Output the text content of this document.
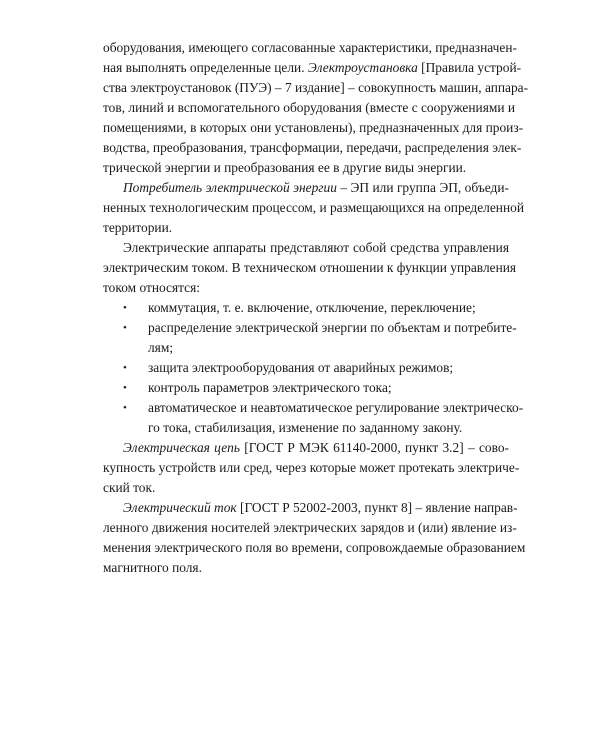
оборудования, имеющего согласованные характеристики, предназначен-
ная выполнять определенные цели. Электроустановка [Правила устрой-
ства электроустановок (ПУЭ) – 7 издание] – совокупность машин, аппара-
тов, линий и вспомогательного оборудования (вместе с сооружениями и
помещениями, в которых они установлены), предназначенных для произ-
водства, преобразования, трансформации, передачи, распределения элек-
трической энергии и преобразования ее в другие виды энергии.
Потребитель электрической энергии – ЭП или группа ЭП, объеди-
ненных технологическим процессом, и размещающихся на определенной
территории.
Электрические аппараты представляют собой средства управления
электрическим током. В техническом отношении к функции управления
током относятся:
•	коммутация, т. е. включение, отключение, переключение;
•	распределение электрической энергии по объектам и потребите-
лям;
•	защита электрооборудования от аварийных режимов;
•	контроль параметров электрического тока;
•	автоматическое и неавтоматическое регулирование электрическо-
го тока, стабилизация, изменение по заданному закону.
Электрическая цепь [ГОСТ Р МЭК 61140-2000, пункт 3.2] – сово-
купность устройств или сред, через которые может протекать электриче-
ский ток.
Электрический ток [ГОСТ Р 52002-2003, пункт 8] – явление направ-
ленного движения носителей электрических зарядов и (или) явление из-
менения электрического поля во времени, сопровождаемые образованием
магнитного поля.
